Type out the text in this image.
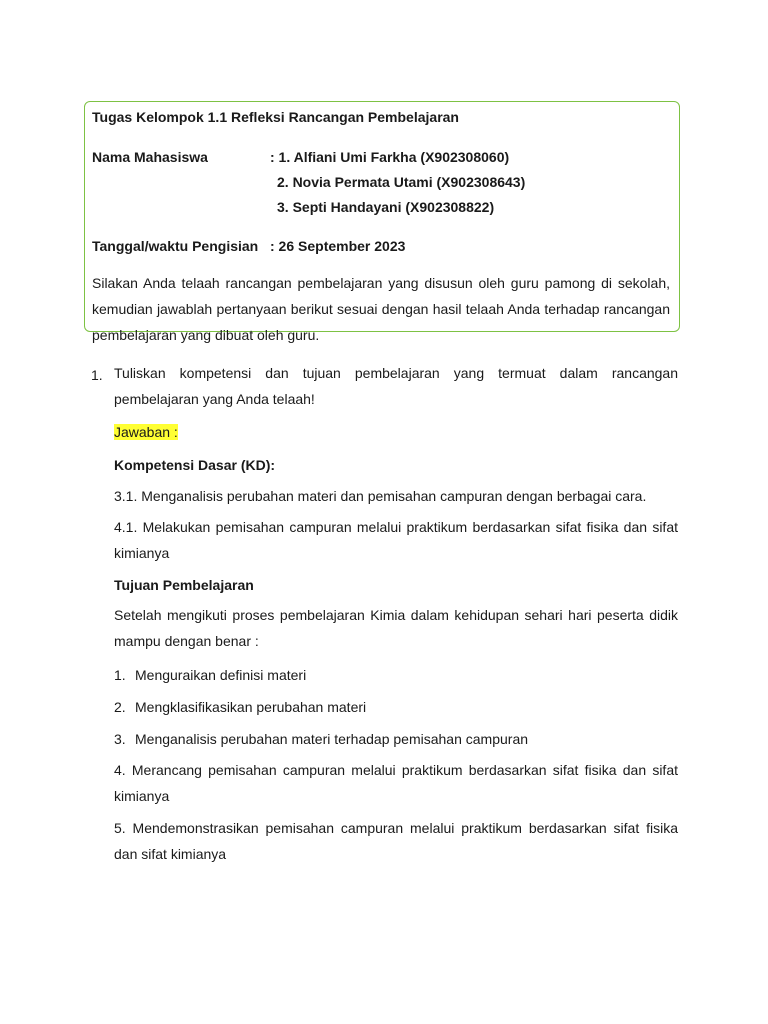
Tugas Kelompok 1.1 Refleksi Rancangan Pembelajaran
Nama Mahasiswa	: 1. Alfiani Umi Farkha (X902308060)
2. Novia Permata Utami (X902308643)
3. Septi Handayani (X902308822)
Tanggal/waktu Pengisian : 26 September 2023
Silakan Anda telaah rancangan pembelajaran yang disusun oleh guru pamong di sekolah, kemudian jawablah pertanyaan berikut sesuai dengan hasil telaah Anda terhadap rancangan pembelajaran yang dibuat oleh guru.
1. Tuliskan kompetensi dan tujuan pembelajaran yang termuat dalam rancangan pembelajaran yang Anda telaah!
Jawaban :
Kompetensi Dasar (KD):
3.1. Menganalisis perubahan materi dan pemisahan campuran dengan berbagai cara.
4.1. Melakukan pemisahan campuran melalui praktikum berdasarkan sifat fisika dan sifat kimianya
Tujuan Pembelajaran
Setelah mengikuti proses pembelajaran Kimia dalam kehidupan sehari hari peserta didik mampu dengan benar :
1. Menguraikan definisi materi
2. Mengklasifikasikan perubahan materi
3. Menganalisis perubahan materi terhadap pemisahan campuran
4. Merancang pemisahan campuran melalui praktikum berdasarkan sifat fisika dan sifat kimianya
5. Mendemonstrasikan pemisahan campuran melalui praktikum berdasarkan sifat fisika dan sifat kimianya
